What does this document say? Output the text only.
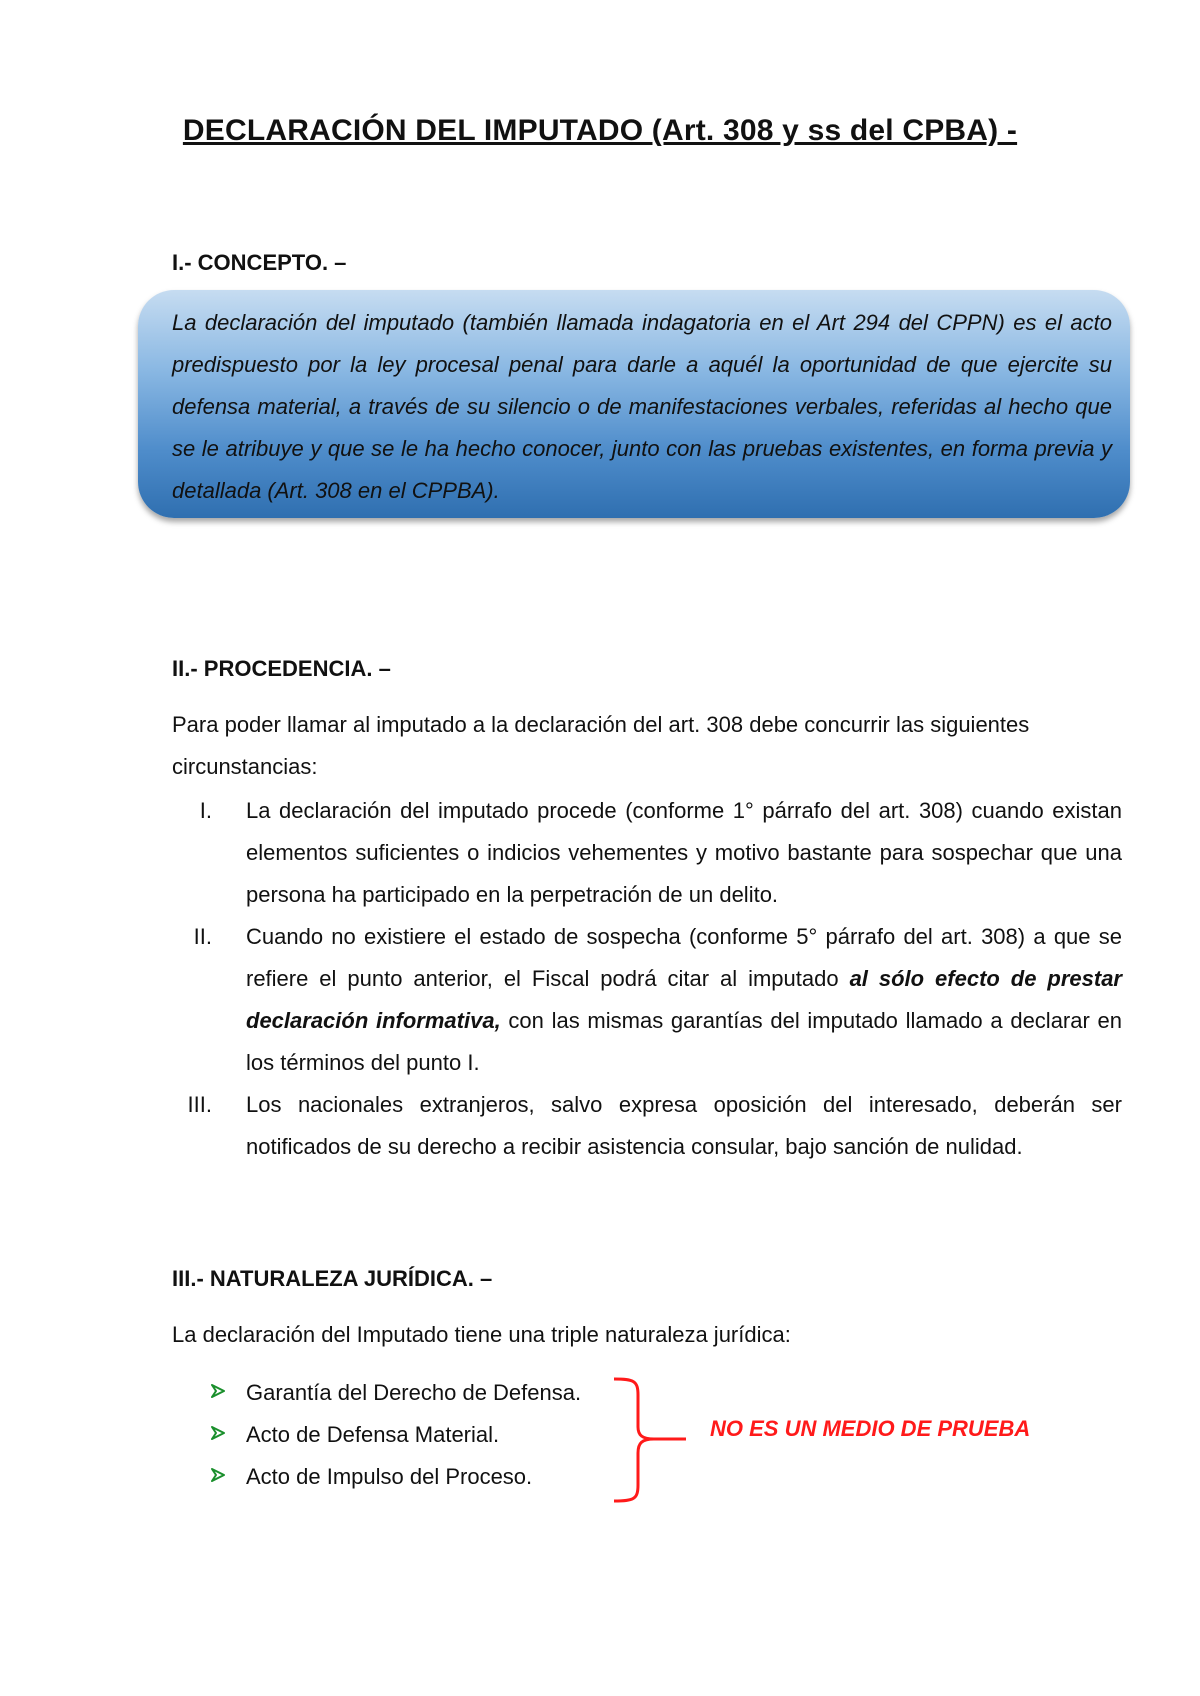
DECLARACIÓN DEL IMPUTADO (Art. 308 y ss del CPBA) -
I.- CONCEPTO. –
La declaración del imputado (también llamada indagatoria en el Art 294 del CPPN) es el acto predispuesto por la ley procesal penal para darle a aquél la oportunidad de que ejercite su defensa material, a través de su silencio o de manifestaciones verbales, referidas al hecho que se le atribuye y que se le ha hecho conocer, junto con las pruebas existentes, en forma previa y detallada (Art. 308 en el CPPBA).
II.- PROCEDENCIA. –
Para poder llamar al imputado a la declaración del art. 308 debe concurrir las siguientes circunstancias:
I. La declaración del imputado procede (conforme 1° párrafo del art. 308) cuando existan elementos suficientes o indicios vehementes y motivo bastante para sospechar que una persona ha participado en la perpetración de un delito.
II. Cuando no existiere el estado de sospecha (conforme 5° párrafo del art. 308) a que se refiere el punto anterior, el Fiscal podrá citar al imputado al sólo efecto de prestar declaración informativa, con las mismas garantías del imputado llamado a declarar en los términos del punto I.
III. Los nacionales extranjeros, salvo expresa oposición del interesado, deberán ser notificados de su derecho a recibir asistencia consular, bajo sanción de nulidad.
III.- NATURALEZA JURÍDICA. –
La declaración del Imputado tiene una triple naturaleza jurídica:
Garantía del Derecho de Defensa.
Acto de Defensa Material.
Acto de Impulso del Proceso.
NO ES UN MEDIO DE PRUEBA
